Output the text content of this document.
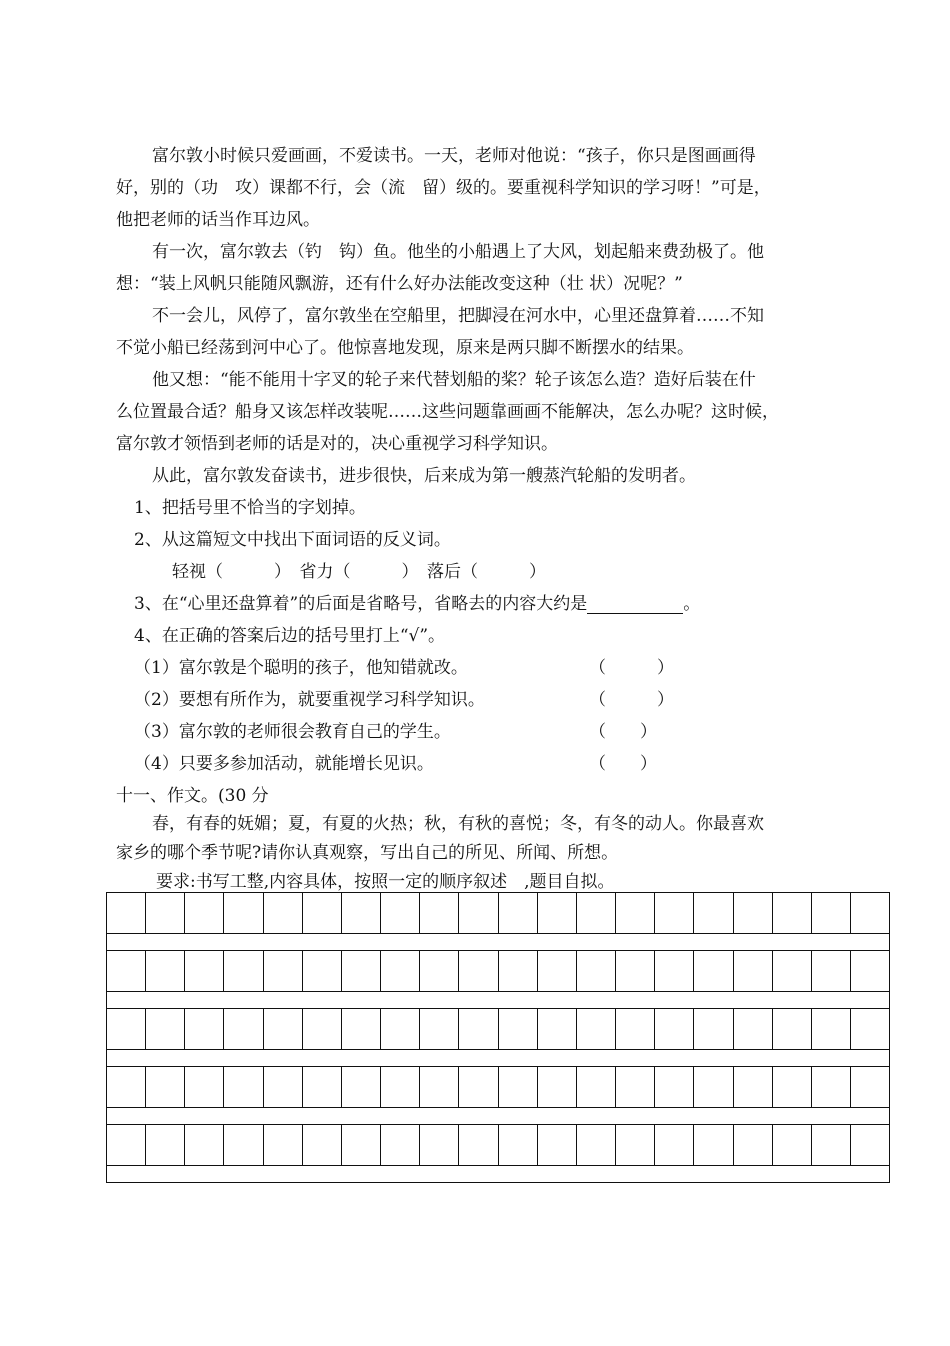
富尔敦小时候只爱画画，不爱读书。一天，老师对他说：“孩子，你只是图画画得
好，别的（功　攻）课都不行，会（流　留）级的。要重视科学知识的学习呀！”可是，
他把老师的话当作耳边风。
有一次，富尔敦去（钓　钩）鱼。他坐的小船遇上了大风，划起船来费劲极了。他
想：“装上风帆只能随风飘游，还有什么好办法能改变这种（壮 状）况呢？”
不一会儿，风停了，富尔敦坐在空船里，把脚浸在河水中，心里还盘算着……不知
不觉小船已经荡到河中心了。他惊喜地发现，原来是两只脚不断摆水的结果。
他又想：“能不能用十字叉的轮子来代替划船的桨？轮子该怎么造？造好后装在什
么位置最合适？船身又该怎样改装呢……这些问题靠画画不能解决，怎么办呢？这时候，
富尔敦才领悟到老师的话是对的，决心重视学习科学知识。
从此，富尔敦发奋读书，进步很快，后来成为第一艘蒸汽轮船的发明者。
1、把括号里不恰当的字划掉。
2、从这篇短文中找出下面词语的反义词。
轻视（　　　）　省力（　　　）　落后（　　　）
3、在“心里还盘算着”的后面是省略号，省略去的内容大约是	。
4、在正确的答案后边的括号里打上“√”。
（1）富尔敦是个聪明的孩子，他知错就改。	（　　　）
（2）要想有所作为，就要重视学习科学知识。	（　　　）
（3）富尔敦的老师很会教育自己的学生。	（　　）
（4）只要多参加活动，就能增长见识。	（　　）
十一、作文。(30 分
春，有春的妩媚；夏，有夏的火热；秋，有秋的喜悦；冬，有冬的动人。你最喜欢
家乡的哪个季节呢?请你认真观察，写出自己的所见、所闻、所想。
要求:书写工整,内容具体，按照一定的顺序叙述　,题目自拟。
